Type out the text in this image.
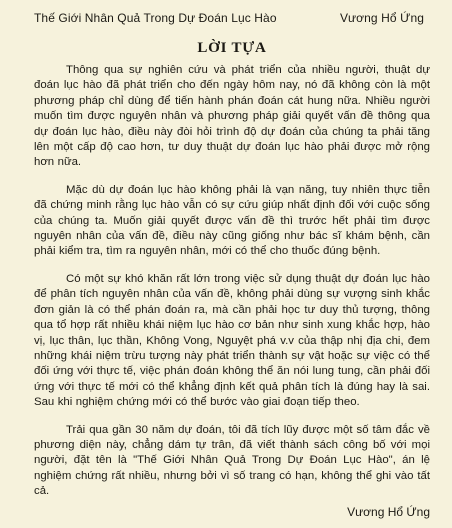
Thế Giới Nhân Quả Trong Dự Đoán Lục Hào	Vương Hổ Ứng
LỜI TỰA

Thông qua sự nghiên cứu và phát triển của nhiều người, thuật dự đoán lục hào đã phát triển cho đến ngày hôm nay, nó đã không còn là một phương pháp chỉ dùng để tiến hành phán đoán cát hung nữa. Nhiều người muốn tìm được nguyên nhân và phương pháp giải quyết vấn đề thông qua dự đoán lục hào, điều này đòi hỏi trình độ dự đoán của chúng ta phải tăng lên một cấp độ cao hơn, tư duy thuật dự đoán lục hào phải được mở rộng hơn nữa.

Mặc dù dự đoán lục hào không phải là vạn năng, tuy nhiên thực tiễn đã chứng minh rằng lục hào vẫn có sự cứu giúp nhất định đối với cuộc sống của chúng ta. Muốn giải quyết được vấn đề thì trước hết phải tìm được nguyên nhân của vấn đề, điều này cũng giống như bác sĩ khám bệnh, cần phải kiểm tra, tìm ra nguyên nhân, mới có thể cho thuốc đúng bệnh.

Có một sự khó khăn rất lớn trong việc sử dụng thuật dự đoán lục hào để phân tích nguyên nhân của vấn đề, không phải dùng sự vượng sinh khắc đơn giản là có thể phán đoán ra, mà cần phải học tư duy thủ tượng, thông qua tổ hợp rất nhiều khái niệm lục hào cơ bản như sinh xung khắc hợp, hào vị, lục thân, lục thần, Không Vong, Nguyệt phá v.v của thập nhị địa chi, đem những khái niệm trừu tượng này phát triển thành sự vật hoặc sự việc có thể đối ứng với thực tế, việc phán đoán không thể ăn nói lung tung, cần phải đối ứng với thực tế mới có thể khẳng định kết quả phân tích là đúng hay là sai. Sau khi nghiệm chứng mới có thể bước vào giai đoạn tiếp theo.

Trải qua gần 30 năm dự đoán, tôi đã tích lũy được một số tâm đắc về phương diện này, chẳng dám tự trân, đã viết thành sách công bố với mọi người, đặt tên là "Thế Giới Nhân Quả Trong Dự Đoán Lục Hào", án lệ nghiệm chứng rất nhiều, nhưng bởi vì số trang có hạn, không thể ghi vào tất cả.

Vương Hổ Ứng
